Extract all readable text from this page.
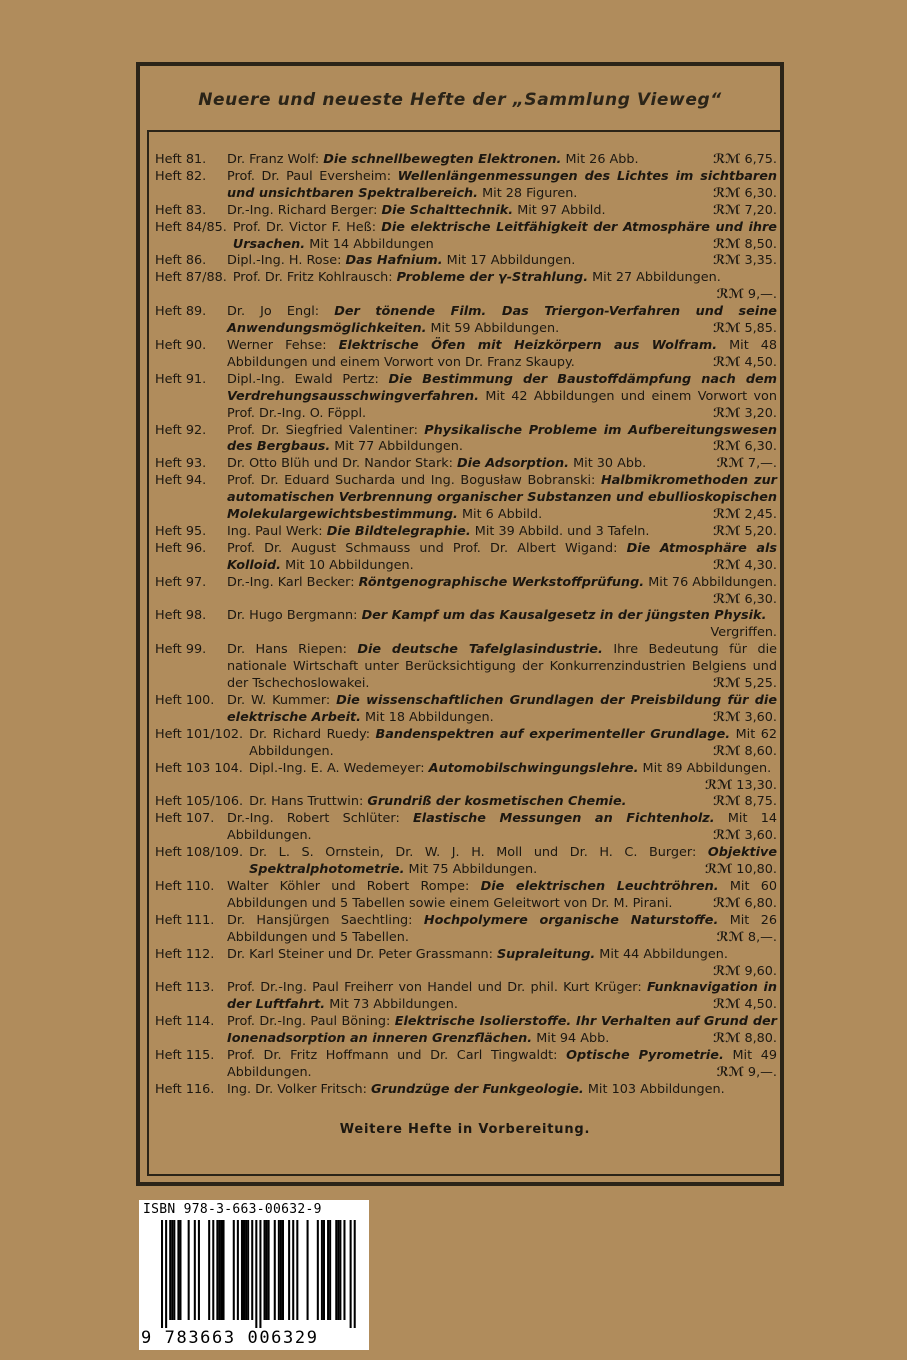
Neuere und neueste Hefte der „Sammlung Vieweg“
Heft 81.	Dr. Franz Wolf: Die schnellbewegten Elektronen. Mit 26 Abb.	ℛℳ 6,75.
Heft 82.	Prof. Dr. Paul Eversheim: Wellenlängenmessungen des Lichtes im sichtbaren und unsichtbaren Spektralbereich. Mit 28 Figuren.	ℛℳ 6,30.
Heft 83.	Dr.-Ing. Richard Berger: Die Schalttechnik. Mit 97 Abbild.	ℛℳ 7,20.
Heft 84/85. Prof. Dr. Victor F. Heß: Die elektrische Leitfähigkeit der Atmosphäre und ihre Ursachen. Mit 14 Abbildungen	ℛℳ 8,50.
Heft 86.	Dipl.-Ing. H. Rose: Das Hafnium. Mit 17 Abbildungen.	ℛℳ 3,35.
Heft 87/88. Prof. Dr. Fritz Kohlrausch: Probleme der γ-Strahlung. Mit 27 Abbildungen.
ℛℳ 9,—.
Heft 89.	Dr. Jo Engl: Der tönende Film. Das Triergon-Verfahren und seine Anwendungsmöglichkeiten. Mit 59 Abbildungen.	ℛℳ 5,85.
Heft 90.	Werner Fehse: Elektrische Öfen mit Heizkörpern aus Wolfram. Mit 48 Abbildungen und einem Vorwort von Dr. Franz Skaupy.	ℛℳ 4,50.
Heft 91.	Dipl.-Ing. Ewald Pertz: Die Bestimmung der Baustoffdämpfung nach dem Verdrehungsausschwingverfahren. Mit 42 Abbildungen und einem Vorwort von Prof. Dr.-Ing. O. Föppl.	ℛℳ 3,20.
Heft 92.	Prof. Dr. Siegfried Valentiner: Physikalische Probleme im Aufbereitungswesen des Bergbaus. Mit 77 Abbildungen.	ℛℳ 6,30.
Heft 93.	Dr. Otto Blüh und Dr. Nandor Stark: Die Adsorption. Mit 30 Abb.	ℛℳ 7,—.
Heft 94.	Prof. Dr. Eduard Sucharda und Ing. Bogusław Bobranski: Halbmikromethoden zur automatischen Verbrennung organischer Substanzen und ebullioskopischen Molekulargewichtsbestimmung. Mit 6 Abbild.	ℛℳ 2,45.
Heft 95.	Ing. Paul Werk: Die Bildtelegraphie. Mit 39 Abbild. und 3 Tafeln.	ℛℳ 5,20.
Heft 96.	Prof. Dr. August Schmauss und Prof. Dr. Albert Wigand: Die Atmosphäre als Kolloid. Mit 10 Abbildungen.	ℛℳ 4,30.
Heft 97.	Dr.-Ing. Karl Becker: Röntgenographische Werkstoffprüfung. Mit 76 Abbildungen.
ℛℳ 6,30.
Heft 98.	Dr. Hugo Bergmann: Der Kampf um das Kausalgesetz in der jüngsten Physik.
Vergriffen.
Heft 99.	Dr. Hans Riepen: Die deutsche Tafelglasindustrie. Ihre Bedeutung für die nationale Wirtschaft unter Berücksichtigung der Konkurrenzindustrien Belgiens und der Tschechoslowakei.	ℛℳ 5,25.
Heft 100. Dr. W. Kummer: Die wissenschaftlichen Grundlagen der Preisbildung für die elektrische Arbeit. Mit 18 Abbildungen.	ℛℳ 3,60.
Heft 101/102. Dr. Richard Ruedy: Bandenspektren auf experimenteller Grundlage. Mit 62 Abbildungen.	ℛℳ 8,60.
Heft 103 104. Dipl.-Ing. E. A. Wedemeyer: Automobilschwingungslehre. Mit 89 Abbildungen.
ℛℳ 13,30.
Heft 105/106. Dr. Hans Truttwin: Grundriß der kosmetischen Chemie.	ℛℳ 8,75.
Heft 107. Dr.-Ing. Robert Schlüter: Elastische Messungen an Fichtenholz. Mit 14 Abbildungen.	ℛℳ 3,60.
Heft 108/109. Dr. L. S. Ornstein, Dr. W. J. H. Moll und Dr. H. C. Burger: Objektive Spektralphotometrie. Mit 75 Abbildungen.	ℛℳ 10,80.
Heft 110. Walter Köhler und Robert Rompe: Die elektrischen Leuchtröhren. Mit 60 Abbildungen und 5 Tabellen sowie einem Geleitwort von Dr. M. Pirani.	ℛℳ 6,80.
Heft 111. Dr. Hansjürgen Saechtling: Hochpolymere organische Naturstoffe. Mit 26 Abbildungen und 5 Tabellen.	ℛℳ 8,—.
Heft 112. Dr. Karl Steiner und Dr. Peter Grassmann: Supraleitung. Mit 44 Abbildungen.
ℛℳ 9,60.
Heft 113. Prof. Dr.-Ing. Paul Freiherr von Handel und Dr. phil. Kurt Krüger: Funknavigation in der Luftfahrt. Mit 73 Abbildungen.	ℛℳ 4,50.
Heft 114. Prof. Dr.-Ing. Paul Böning: Elektrische Isolierstoffe. Ihr Verhalten auf Grund der Ionenadsorption an inneren Grenzflächen. Mit 94 Abb.	ℛℳ 8,80.
Heft 115. Prof. Dr. Fritz Hoffmann und Dr. Carl Tingwaldt: Optische Pyrometrie. Mit 49 Abbildungen.	ℛℳ 9,—.
Heft 116. Ing. Dr. Volker Fritsch: Grundzüge der Funkgeologie. Mit 103 Abbildungen.
Weitere Hefte in Vorbereitung.
ISBN 978-3-663-00632-9
9 783663 006329
